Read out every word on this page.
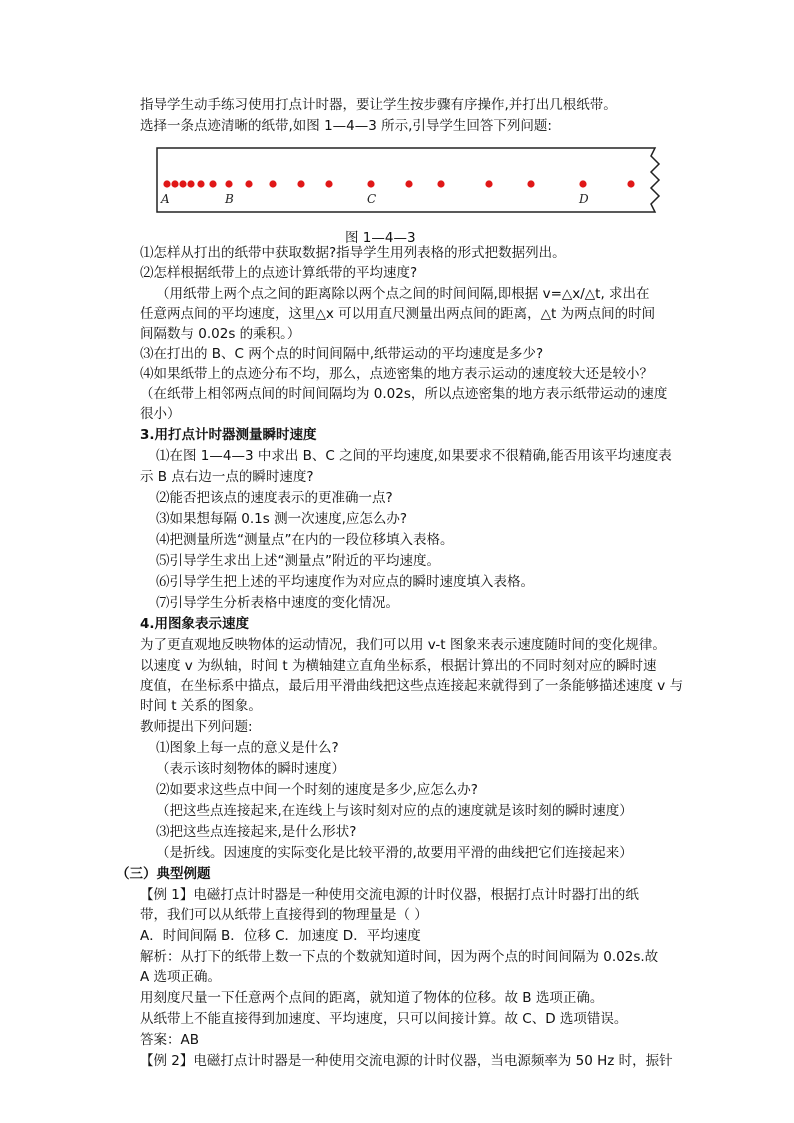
指导学生动手练习使用打点计时器，要让学生按步骤有序操作,并打出几根纸带。
选择一条点迹清晰的纸带,如图 1—4—3 所示,引导学生回答下列问题:
⑴怎样从打出的纸带中获取数据?指导学生用列表格的形式把数据列出。
⑵怎样根据纸带上的点迹计算纸带的平均速度?
（用纸带上两个点之间的距离除以两个点之间的时间间隔,即根据 v=△x/△t, 求出在
任意两点间的平均速度，这里△x 可以用直尺测量出两点间的距离，△t 为两点间的时间
间隔数与 0.02s 的乘积。）
⑶在打出的 B、C 两个点的时间间隔中,纸带运动的平均速度是多少?
⑷如果纸带上的点迹分布不均，那么，点迹密集的地方表示运动的速度较大还是较小？
（在纸带上相邻两点间的时间间隔均为 0.02s，所以点迹密集的地方表示纸带运动的速度
很小）
3.用打点计时器测量瞬时速度
⑴在图 1—4—3 中求出 B、C 之间的平均速度,如果要求不很精确,能否用该平均速度表
示 B 点右边一点的瞬时速度?
⑵能否把该点的速度表示的更准确一点?
⑶如果想每隔 0.1s 测一次速度,应怎么办?
⑷把测量所选“测量点”在内的一段位移填入表格。
⑸引导学生求出上述“测量点”附近的平均速度。
⑹引导学生把上述的平均速度作为对应点的瞬时速度填入表格。
⑺引导学生分析表格中速度的变化情况。
4.用图象表示速度
为了更直观地反映物体的运动情况，我们可以用 v-t 图象来表示速度随时间的变化规律。
以速度 v 为纵轴，时间 t 为横轴建立直角坐标系，根据计算出的不同时刻对应的瞬时速
度值，在坐标系中描点，最后用平滑曲线把这些点连接起来就得到了一条能够描述速度 v 与
时间 t 关系的图象。
教师提出下列问题:
⑴图象上每一点的意义是什么?
（表示该时刻物体的瞬时速度）
⑵如要求这些点中间一个时刻的速度是多少,应怎么办?
（把这些点连接起来,在连线上与该时刻对应的点的速度就是该时刻的瞬时速度）
⑶把这些点连接起来,是什么形状?
（是折线。因速度的实际变化是比较平滑的,故要用平滑的曲线把它们连接起来）
（三）典型例题
【例 1】电磁打点计时器是一种使用交流电源的计时仪器，根据打点计时器打出的纸
带，我们可以从纸带上直接得到的物理量是（ ）
A．时间间隔 B．位移 C．加速度 D．平均速度
解析：从打下的纸带上数一下点的个数就知道时间，因为两个点的时间间隔为 0.02s.故
A 选项正确。
用刻度尺量一下任意两个点间的距离，就知道了物体的位移。故 B 选项正确。
从纸带上不能直接得到加速度、平均速度，只可以间接计算。故 C、D 选项错误。
答案：AB
【例 2】电磁打点计时器是一种使用交流电源的计时仪器，当电源频率为 50 Hz 时，振针
A	B	C	D
图 1—4—3
